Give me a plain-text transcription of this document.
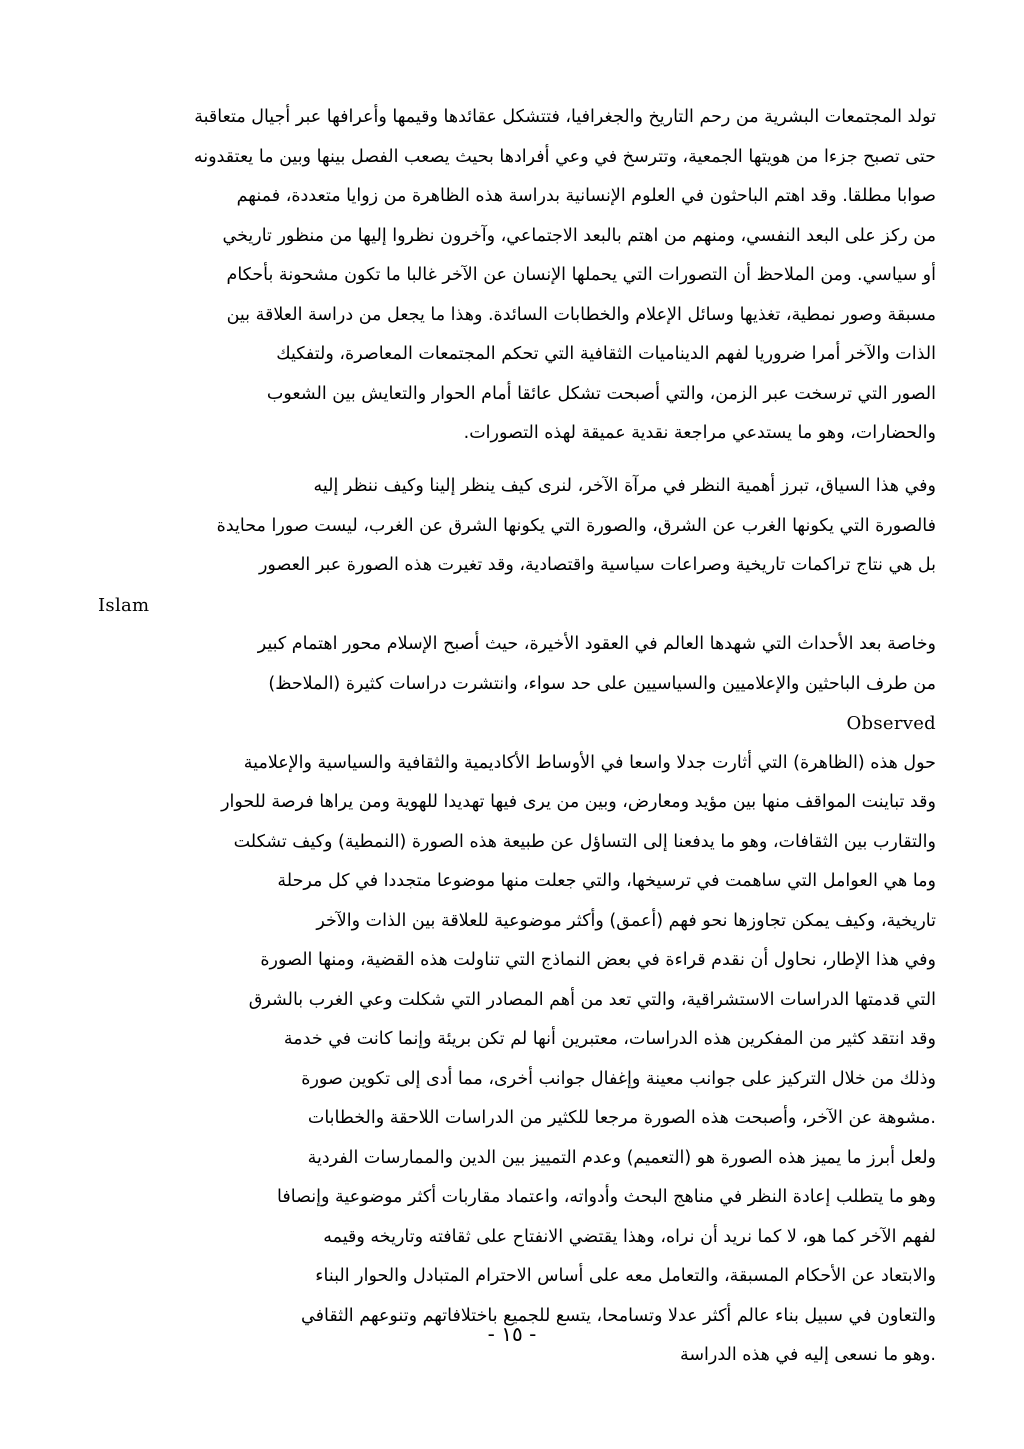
ﺗﻮﻟﺪ ﺍﻟﻤﺠﺘﻤﻌﺎﺕ ﺍﻟﺒﺸﺮﻳﺔ ﻣﻦ ﺭﺣﻢ ﺍﻟﺘﺎﺭﻳﺦ ﻭﺍﻟﺠﻐﺮﺍﻓﻴﺎ، ﻓﺘﺘﺸﻜﻞ ﻋﻘﺎﺋﺪﻫﺎ ﻭﻗﻴﻤﻬﺎ ﻭﺃﻋﺮﺍﻓﻬﺎ ﻋﺒﺮ ﺃﺟﻴﺎﻝ ﻣﺘﻌﺎﻗﺒﺔ
ﺣﺘﻰ ﺗﺼﺒﺢ ﺟﺰﺀﺍ ﻣﻦ ﻫﻮﻳﺘﻬﺎ ﺍﻟﺠﻤﻌﻴﺔ، ﻭﺗﺘﺮﺳﺦ ﻓﻲ ﻭﻋﻲ ﺃﻓﺮﺍﺩﻫﺎ ﺑﺤﻴﺚ ﻳﺼﻌﺐ ﺍﻟﻔﺼﻞ ﺑﻴﻨﻬﺎ ﻭﺑﻴﻦ ﻣﺎ ﻳﻌﺘﻘﺪﻭﻧﻪ
ﺻﻮﺍﺑﺎ ﻣﻄﻠﻘﺎ. ﻭﻗﺪ ﺍﻫﺘﻢ ﺍﻟﺒﺎﺣﺜﻮﻥ ﻓﻲ ﺍﻟﻌﻠﻮﻡ ﺍﻹﻧﺴﺎﻧﻴﺔ ﺑﺪﺭﺍﺳﺔ ﻫﺬﻩ ﺍﻟﻈﺎﻫﺮﺓ ﻣﻦ ﺯﻭﺍﻳﺎ ﻣﺘﻌﺪﺩﺓ، ﻓﻤﻨﻬﻢ
ﻣﻦ ﺭﻛﺰ ﻋﻠﻰ ﺍﻟﺒﻌﺪ ﺍﻟﻨﻔﺴﻲ، ﻭﻣﻨﻬﻢ ﻣﻦ ﺍﻫﺘﻢ ﺑﺎﻟﺒﻌﺪ ﺍﻻﺟﺘﻤﺎﻋﻲ، ﻭﺁﺧﺮﻭﻥ ﻧﻈﺮﻭﺍ ﺇﻟﻴﻬﺎ ﻣﻦ ﻣﻨﻈﻮﺭ ﺗﺎﺭﻳﺨﻲ
ﺃﻭ ﺳﻴﺎﺳﻲ. ﻭﻣﻦ ﺍﻟﻤﻼﺣﻆ ﺃﻥ ﺍﻟﺘﺼﻮﺭﺍﺕ ﺍﻟﺘﻲ ﻳﺤﻤﻠﻬﺎ ﺍﻹﻧﺴﺎﻥ ﻋﻦ ﺍﻵﺧﺮ ﻏﺎﻟﺒﺎ ﻣﺎ ﺗﻜﻮﻥ ﻣﺸﺤﻮﻧﺔ ﺑﺄﺣﻜﺎﻡ
ﻣﺴﺒﻘﺔ ﻭﺻﻮﺭ ﻧﻤﻄﻴﺔ، ﺗﻐﺬﻳﻬﺎ ﻭﺳﺎﺋﻞ ﺍﻹﻋﻼﻡ ﻭﺍﻟﺨﻄﺎﺑﺎﺕ ﺍﻟﺴﺎﺋﺪﺓ. ﻭﻫﺬﺍ ﻣﺎ ﻳﺠﻌﻞ ﻣﻦ ﺩﺭﺍﺳﺔ ﺍﻟﻌﻼﻗﺔ ﺑﻴﻦ
ﺍﻟﺬﺍﺕ ﻭﺍﻵﺧﺮ ﺃﻣﺮﺍ ﺿﺮﻭﺭﻳﺎ ﻟﻔﻬﻢ ﺍﻟﺪﻳﻨﺎﻣﻴﺎﺕ ﺍﻟﺜﻘﺎﻓﻴﺔ ﺍﻟﺘﻲ ﺗﺤﻜﻢ ﺍﻟﻤﺠﺘﻤﻌﺎﺕ ﺍﻟﻤﻌﺎﺻﺮﺓ، ﻭﻟﺘﻔﻜﻴﻚ
ﺍﻟﺼﻮﺭ ﺍﻟﺘﻲ ﺗﺮﺳﺨﺖ ﻋﺒﺮ ﺍﻟﺰﻣﻦ، ﻭﺍﻟﺘﻲ ﺃﺻﺒﺤﺖ ﺗﺸﻜﻞ ﻋﺎﺋﻘﺎ ﺃﻣﺎﻡ ﺍﻟﺤﻮﺍﺭ ﻭﺍﻟﺘﻌﺎﻳﺶ ﺑﻴﻦ ﺍﻟﺸﻌﻮﺏ
ﻭﺍﻟﺤﻀﺎﺭﺍﺕ، ﻭﻫﻮ ﻣﺎ ﻳﺴﺘﺪﻋﻲ ﻣﺮﺍﺟﻌﺔ ﻧﻘﺪﻳﺔ ﻋﻤﻴﻘﺔ ﻟﻬﺬﻩ ﺍﻟﺘﺼﻮﺭﺍﺕ.
ﻭﻓﻲ ﻫﺬﺍ ﺍﻟﺴﻴﺎﻕ، ﺗﺒﺮﺯ ﺃﻫﻤﻴﺔ ﺍﻟﻨﻈﺮ ﻓﻲ ﻣﺮﺁﺓ ﺍﻵﺧﺮ، ﻟﻨﺮﻯ ﻛﻴﻒ ﻳﻨﻈﺮ ﺇﻟﻴﻨﺎ ﻭﻛﻴﻒ ﻧﻨﻈﺮ ﺇﻟﻴﻪ
ﻓﺎﻟﺼﻮﺭﺓ ﺍﻟﺘﻲ ﻳﻜﻮﻧﻬﺎ ﺍﻟﻐﺮﺏ ﻋﻦ ﺍﻟﺸﺮﻕ، ﻭﺍﻟﺼﻮﺭﺓ ﺍﻟﺘﻲ ﻳﻜﻮﻧﻬﺎ ﺍﻟﺸﺮﻕ ﻋﻦ ﺍﻟﻐﺮﺏ، ﻟﻴﺴﺖ ﺻﻮﺭﺍ ﻣﺤﺎﻳﺪﺓ
ﺑﻞ ﻫﻲ ﻧﺘﺎﺝ ﺗﺮﺍﻛﻤﺎﺕ ﺗﺎﺭﻳﺨﻴﺔ ﻭﺻﺮﺍﻋﺎﺕ ﺳﻴﺎﺳﻴﺔ ﻭﺍﻗﺘﺼﺎﺩﻳﺔ، ﻭﻗﺪ ﺗﻐﻴﺮﺕ ﻫﺬﻩ ﺍﻟﺼﻮﺭﺓ ﻋﺒﺮ ﺍﻟﻌﺼﻮﺭ
Islam
ﻭﺧﺎﺻﺔ ﺑﻌﺪ ﺍﻷﺣﺪﺍﺙ ﺍﻟﺘﻲ ﺷﻬﺪﻫﺎ ﺍﻟﻌﺎﻟﻢ ﻓﻲ ﺍﻟﻌﻘﻮﺩ ﺍﻷﺧﻴﺮﺓ، ﺣﻴﺚ ﺃﺻﺒﺢ ﺍﻹﺳﻼﻡ ﻣﺤﻮﺭ ﺍﻫﺘﻤﺎﻡ ﻛﺒﻴﺮ
ﻣﻦ ﻃﺮﻑ ﺍﻟﺒﺎﺣﺜﻴﻦ ﻭﺍﻹﻋﻼﻣﻴﻴﻦ ﻭﺍﻟﺴﻴﺎﺳﻴﻴﻦ ﻋﻠﻰ ﺣﺪ ﺳﻮﺍﺀ، ﻭﺍﻧﺘﺸﺮﺕ ﺩﺭﺍﺳﺎﺕ ﻛﺜﻴﺮﺓ (ﺍﻟﻤﻼﺣﻆ)
Observed
ﺣﻮﻝ ﻫﺬﻩ (ﺍﻟﻈﺎﻫﺮﺓ) ﺍﻟﺘﻲ ﺃﺛﺎﺭﺕ ﺟﺪﻻ ﻭﺍﺳﻌﺎ ﻓﻲ ﺍﻷﻭﺳﺎﻁ ﺍﻷﻛﺎﺩﻳﻤﻴﺔ ﻭﺍﻟﺜﻘﺎﻓﻴﺔ ﻭﺍﻟﺴﻴﺎﺳﻴﺔ ﻭﺍﻹﻋﻼﻣﻴﺔ
ﻭﻗﺪ ﺗﺒﺎﻳﻨﺖ ﺍﻟﻤﻮﺍﻗﻒ ﻣﻨﻬﺎ ﺑﻴﻦ ﻣﺆﻳﺪ ﻭﻣﻌﺎﺭﺽ، ﻭﺑﻴﻦ ﻣﻦ ﻳﺮﻯ ﻓﻴﻬﺎ ﺗﻬﺪﻳﺪﺍ ﻟﻠﻬﻮﻳﺔ ﻭﻣﻦ ﻳﺮﺍﻫﺎ ﻓﺮﺻﺔ ﻟﻠﺤﻮﺍﺭ
ﻭﺍﻟﺘﻘﺎﺭﺏ ﺑﻴﻦ ﺍﻟﺜﻘﺎﻓﺎﺕ، ﻭﻫﻮ ﻣﺎ ﻳﺪﻓﻌﻨﺎ ﺇﻟﻰ ﺍﻟﺘﺴﺎﺅﻝ ﻋﻦ ﻃﺒﻴﻌﺔ ﻫﺬﻩ ﺍﻟﺼﻮﺭﺓ (ﺍﻟﻨﻤﻄﻴﺔ) ﻭﻛﻴﻒ ﺗﺸﻜﻠﺖ
ﻭﻣﺎ ﻫﻲ ﺍﻟﻌﻮﺍﻣﻞ ﺍﻟﺘﻲ ﺳﺎﻫﻤﺖ ﻓﻲ ﺗﺮﺳﻴﺨﻬﺎ، ﻭﺍﻟﺘﻲ ﺟﻌﻠﺖ ﻣﻨﻬﺎ ﻣﻮﺿﻮﻋﺎ ﻣﺘﺠﺪﺩﺍ ﻓﻲ ﻛﻞ ﻣﺮﺣﻠﺔ
ﺗﺎﺭﻳﺨﻴﺔ، ﻭﻛﻴﻒ ﻳﻤﻜﻦ ﺗﺠﺎﻭﺯﻫﺎ ﻧﺤﻮ ﻓﻬﻢ (ﺃﻋﻤﻖ) ﻭﺃﻛﺜﺮ ﻣﻮﺿﻮﻋﻴﺔ ﻟﻠﻌﻼﻗﺔ ﺑﻴﻦ ﺍﻟﺬﺍﺕ ﻭﺍﻵﺧﺮ
ﻭﻓﻲ ﻫﺬﺍ ﺍﻹﻃﺎﺭ، ﻧﺤﺎﻭﻝ ﺃﻥ ﻧﻘﺪﻡ ﻗﺮﺍﺀﺓ ﻓﻲ ﺑﻌﺾ ﺍﻟﻨﻤﺎﺫﺝ ﺍﻟﺘﻲ ﺗﻨﺎﻭﻟﺖ ﻫﺬﻩ ﺍﻟﻘﻀﻴﺔ، ﻭﻣﻨﻬﺎ ﺍﻟﺼﻮﺭﺓ
ﺍﻟﺘﻲ ﻗﺪﻣﺘﻬﺎ ﺍﻟﺪﺭﺍﺳﺎﺕ ﺍﻻﺳﺘﺸﺮﺍﻗﻴﺔ، ﻭﺍﻟﺘﻲ ﺗﻌﺪ ﻣﻦ ﺃﻫﻢ ﺍﻟﻤﺼﺎﺩﺭ ﺍﻟﺘﻲ ﺷﻜﻠﺖ ﻭﻋﻲ ﺍﻟﻐﺮﺏ ﺑﺎﻟﺸﺮﻕ
ﻭﻗﺪ ﺍﻧﺘﻘﺪ ﻛﺜﻴﺮ ﻣﻦ ﺍﻟﻤﻔﻜﺮﻳﻦ ﻫﺬﻩ ﺍﻟﺪﺭﺍﺳﺎﺕ، ﻣﻌﺘﺒﺮﻳﻦ ﺃﻧﻬﺎ ﻟﻢ ﺗﻜﻦ ﺑﺮﻳﺌﺔ ﻭﺇﻧﻤﺎ ﻛﺎﻧﺖ ﻓﻲ ﺧﺪﻣﺔ
ﻭﺫﻟﻚ ﻣﻦ ﺧﻼﻝ ﺍﻟﺘﺮﻛﻴﺰ ﻋﻠﻰ ﺟﻮﺍﻧﺐ ﻣﻌﻴﻨﺔ ﻭﺇﻏﻔﺎﻝ ﺟﻮﺍﻧﺐ ﺃﺧﺮﻯ، ﻣﻤﺎ ﺃﺩﻯ ﺇﻟﻰ ﺗﻜﻮﻳﻦ ﺻﻮﺭﺓ
.ﻣﺸﻮﻫﺔ ﻋﻦ ﺍﻵﺧﺮ، ﻭﺃﺻﺒﺤﺖ ﻫﺬﻩ ﺍﻟﺼﻮﺭﺓ ﻣﺮﺟﻌﺎ ﻟﻠﻜﺜﻴﺮ ﻣﻦ ﺍﻟﺪﺭﺍﺳﺎﺕ ﺍﻟﻼﺣﻘﺔ ﻭﺍﻟﺨﻄﺎﺑﺎﺕ
ﻭﻟﻌﻞ ﺃﺑﺮﺯ ﻣﺎ ﻳﻤﻴﺰ ﻫﺬﻩ ﺍﻟﺼﻮﺭﺓ ﻫﻮ (ﺍﻟﺘﻌﻤﻴﻢ) ﻭﻋﺪﻡ ﺍﻟﺘﻤﻴﻴﺰ ﺑﻴﻦ ﺍﻟﺪﻳﻦ ﻭﺍﻟﻤﻤﺎﺭﺳﺎﺕ ﺍﻟﻔﺮﺩﻳﺔ
ﻭﻫﻮ ﻣﺎ ﻳﺘﻄﻠﺐ ﺇﻋﺎﺩﺓ ﺍﻟﻨﻈﺮ ﻓﻲ ﻣﻨﺎﻫﺞ ﺍﻟﺒﺤﺚ ﻭﺃﺩﻭﺍﺗﻪ، ﻭﺍﻋﺘﻤﺎﺩ ﻣﻘﺎﺭﺑﺎﺕ ﺃﻛﺜﺮ ﻣﻮﺿﻮﻋﻴﺔ ﻭﺇﻧﺼﺎﻓﺎ
ﻟﻔﻬﻢ ﺍﻵﺧﺮ ﻛﻤﺎ ﻫﻮ، ﻻ ﻛﻤﺎ ﻧﺮﻳﺪ ﺃﻥ ﻧﺮﺍﻩ، ﻭﻫﺬﺍ ﻳﻘﺘﻀﻲ ﺍﻻﻧﻔﺘﺎﺡ ﻋﻠﻰ ﺛﻘﺎﻓﺘﻪ ﻭﺗﺎﺭﻳﺨﻪ ﻭﻗﻴﻤﻪ
ﻭﺍﻻﺑﺘﻌﺎﺩ ﻋﻦ ﺍﻷﺣﻜﺎﻡ ﺍﻟﻤﺴﺒﻘﺔ، ﻭﺍﻟﺘﻌﺎﻣﻞ ﻣﻌﻪ ﻋﻠﻰ ﺃﺳﺎﺱ ﺍﻻﺣﺘﺮﺍﻡ ﺍﻟﻤﺘﺒﺎﺩﻝ ﻭﺍﻟﺤﻮﺍﺭ ﺍﻟﺒﻨﺎﺀ
ﻭﺍﻟﺘﻌﺎﻭﻥ ﻓﻲ ﺳﺒﻴﻞ ﺑﻨﺎﺀ ﻋﺎﻟﻢ ﺃﻛﺜﺮ ﻋﺪﻻ ﻭﺗﺴﺎﻣﺤﺎ، ﻳﺘﺴﻊ ﻟﻠﺠﻤﻴﻊ ﺑﺎﺧﺘﻼﻓﺎﺗﻬﻢ ﻭﺗﻨﻮﻋﻬﻢ ﺍﻟﺜﻘﺎﻓﻲ
.ﻭﻫﻮ ﻣﺎ ﻧﺴﻌﻰ ﺇﻟﻴﻪ ﻓﻲ ﻫﺬﻩ ﺍﻟﺪﺭﺍﺳﺔ
- ١٥ -
